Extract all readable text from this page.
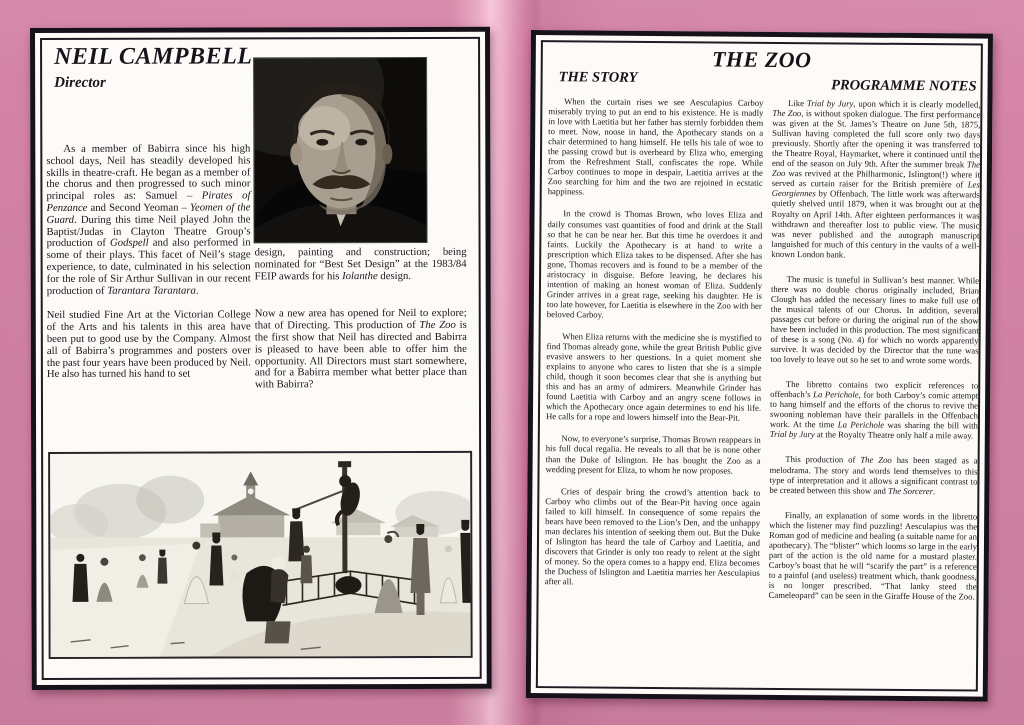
NEIL CAMPBELL
Director

As a member of Babirra since his high school days, Neil has steadily developed his skills in theatre-craft. He began as a member of the chorus and then progressed to such minor principal roles as: Samuel – Pirates of Penzance and Second Yeoman – Yeomen of the Guard. During this time Neil played John the Baptist/Judas in Clayton Theatre Group’s production of Godspell and also performed in some of their plays. This facet of Neil’s stage experience, to date, culminated in his selection for the role of Sir Arthur Sullivan in our recent production of Tarantara Tarantara.

Neil studied Fine Art at the Victorian College of the Arts and his talents in this area have been put to good use by the Company. Almost all of Babirra’s programmes and posters over the past four years have been produced by Neil. He also has turned his hand to set

design, painting and construction; being nominated for “Best Set Design” at the 1983/84 FEIP awards for his Iolanthe design.

Now a new area has opened for Neil to explore; that of Directing. This production of The Zoo is the first show that Neil has directed and Babirra is pleased to have been able to offer him the opportunity. All Directors must start somewhere, and for a Babirra member what better place than with Babirra?

THE ZOO
THE STORY	PROGRAMME NOTES

When the curtain rises we see Aesculapius Carboy miserably trying to put an end to his existence. He is madly in love with Laetitia but her father has sternly forbidden them to meet. Now, noose in hand, the Apothecary stands on a chair determined to hang himself. He tells his tale of woe to the passing crowd but is overheard by Eliza who, emerging from the Refreshment Stall, confiscates the rope. While Carboy continues to mope in despair, Laetitia arrives at the Zoo searching for him and the two are rejoined in ecstatic happiness.

In the crowd is Thomas Brown, who loves Eliza and daily consumes vast quantities of food and drink at the Stall so that he can be near her. But this time he overdoes it and faints. Luckily the Apothecary is at hand to write a prescription which Eliza takes to be dispensed. After she has gone, Thomas recovers and is found to be a member of the aristocracy in disguise. Before leaving, he declares his intention of making an honest woman of Eliza. Suddenly Grinder arrives in a great rage, seeking his daughter. He is too late however, for Laetitia is elsewhere in the Zoo with her beloved Carboy.

When Eliza returns with the medicine she is mystified to find Thomas already gone, while the great British Public give evasive answers to her questions. In a quiet moment she explains to anyone who cares to listen that she is a simple child, though it soon becomes clear that she is anything but this and has an army of admirers. Meanwhile Grinder has found Laetitia with Carboy and an angry scene follows in which the Apothecary once again determines to end his life. He calls for a rope and lowers himself into the Bear-Pit.

Now, to everyone’s surprise, Thomas Brown reappears in his full ducal regalia. He reveals to all that he is none other than the Duke of Islington. He has bought the Zoo as a wedding present for Eliza, to whom he now proposes.

Cries of despair bring the crowd’s attention back to Carboy who climbs out of the Bear-Pit having once again failed to kill himself. In consequence of some repairs the bears have been removed to the Lion’s Den, and the unhappy man declares his intention of seeking them out. But the Duke of Islington has heard the tale of Carboy and Laetitia, and discovers that Grinder is only too ready to relent at the sight of money. So the opera comes to a happy end. Eliza becomes the Duchess of Islington and Laetitia marries her Aesculapius after all.

Like Trial by Jury, upon which it is clearly modelled, The Zoo, is without spoken dialogue. The first performance was given at the St. James’s Theatre on June 5th, 1875, Sullivan having completed the full score only two days previously. Shortly after the opening it was transferred to the Theatre Royal, Haymarket, where it continued until the end of the season on July 9th. After the summer break The Zoo was revived at the Philharmonic, Islington(!) where it served as curtain raiser for the British première of Les Georgiennes by Offenbach. The little work was afterwards quietly shelved until 1879, when it was brought out at the Royalty on April 14th. After eighteen performances it was withdrawn and thereafter lost to public view. The music was never published and the autograph manuscript languished for much of this century in the vaults of a well-known London bank.

The music is tuneful in Sullivan’s best manner. While there was no double chorus originally included, Brian Clough has added the necessary lines to make full use of the musical talents of our Chorus. In addition, several passages cut before or during the original run of the show have been included in this production. The most significant of these is a song (No. 4) for which no words apparently survive. It was decided by the Director that the tune was too lovely to leave out so he set to and wrote some words.

The libretto contains two explicit references to offenbach’s La Perichole, for both Carboy’s comic attempt to hang himself and the efforts of the chorus to revive the swooning nobleman have their parallels in the Offenbach work. At the time La Perichole was sharing the bill with Trial by Jury at the Royalty Theatre only half a mile away.

This production of The Zoo has been staged as a melodrama. The story and words lend themselves to this type of interpretation and it allows a significant contrast to be created between this show and The Sorcerer.

Finally, an explanation of some words in the libretto which the listener may find puzzling! Aesculapius was the Roman god of medicine and healing (a suitable name for an apothecary). The “blister” which looms so large in the early part of the action is the old name for a mustard plaster. Carboy’s boast that he will “scarify the part” is a reference to a painful (and useless) treatment which, thank goodness, is no longer prescribed. “That lanky steed the Cameleopard” can be seen in the Giraffe House of the Zoo.
